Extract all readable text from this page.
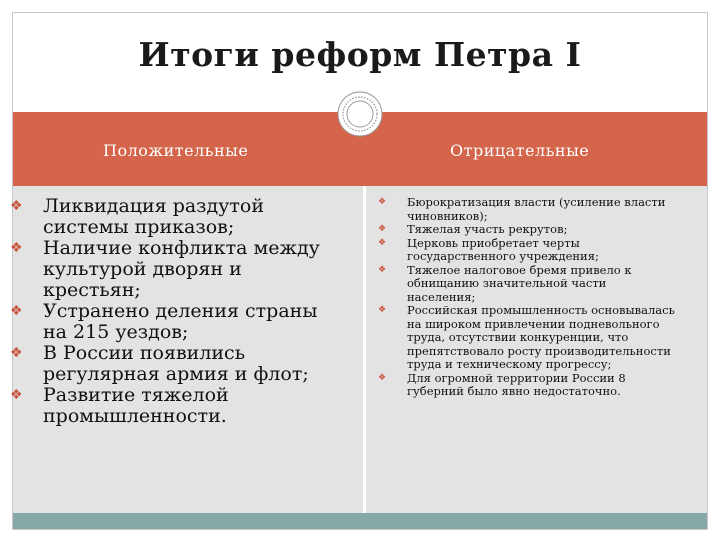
Итоги реформ Петра I
Положительные	Отрицательные
❖ Ликвидация раздутой системы приказов;
❖ Наличие конфликта между культурой дворян и крестьян;
❖ Устранено деления страны на 215 уездов;
❖ В России появились регулярная армия и флот;
❖ Развитие тяжелой промышленности.
❖ Бюрократизация власти (усиление власти чиновников);
❖ Тяжелая участь рекрутов;
❖ Церковь приобретает черты государственного учреждения;
❖ Тяжелое налоговое бремя привело к обнищанию значительной части населения;
❖ Российская промышленность основывалась на широком привлечении подневольного труда, отсутствии конкуренции, что препятствовало росту производительности труда и техническому прогрессу;
❖ Для огромной территории России 8 губерний было явно недостаточно.
